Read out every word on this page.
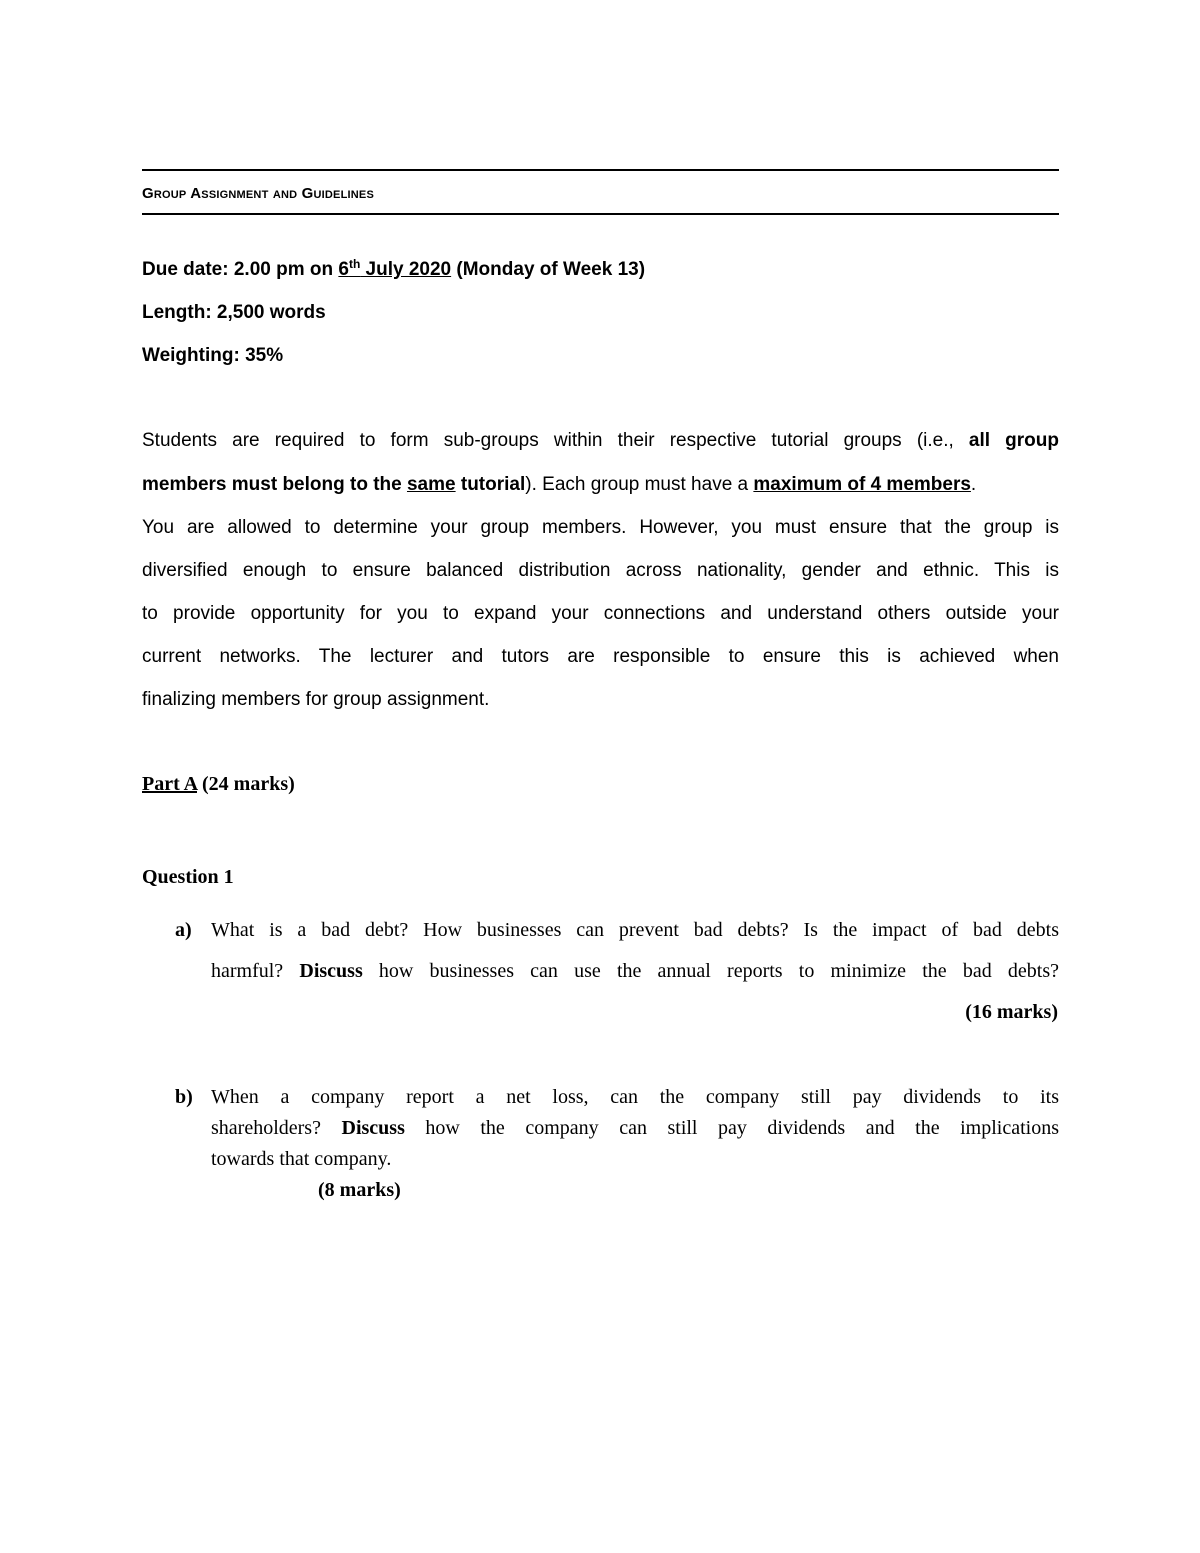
Group Assignment and Guidelines
Due date: 2.00 pm on 6th July 2020 (Monday of Week 13)
Length: 2,500 words
Weighting: 35%
Students are required to form sub-groups within their respective tutorial groups (i.e., all group
members must belong to the same tutorial). Each group must have a maximum of 4 members.
You are allowed to determine your group members. However, you must ensure that the group is
diversified enough to ensure balanced distribution across nationality, gender and ethnic. This is
to provide opportunity for you to expand your connections and understand others outside your
current networks. The lecturer and tutors are responsible to ensure this is achieved when
finalizing members for group assignment.
Part A (24 marks)
Question 1
a) What is a bad debt? How businesses can prevent bad debts? Is the impact of bad debts
harmful? Discuss how businesses can use the annual reports to minimize the bad debts?
(16 marks)
b) When a company report a net loss, can the company still pay dividends to its
shareholders? Discuss how the company can still pay dividends and the implications
towards that company.
(8 marks)
